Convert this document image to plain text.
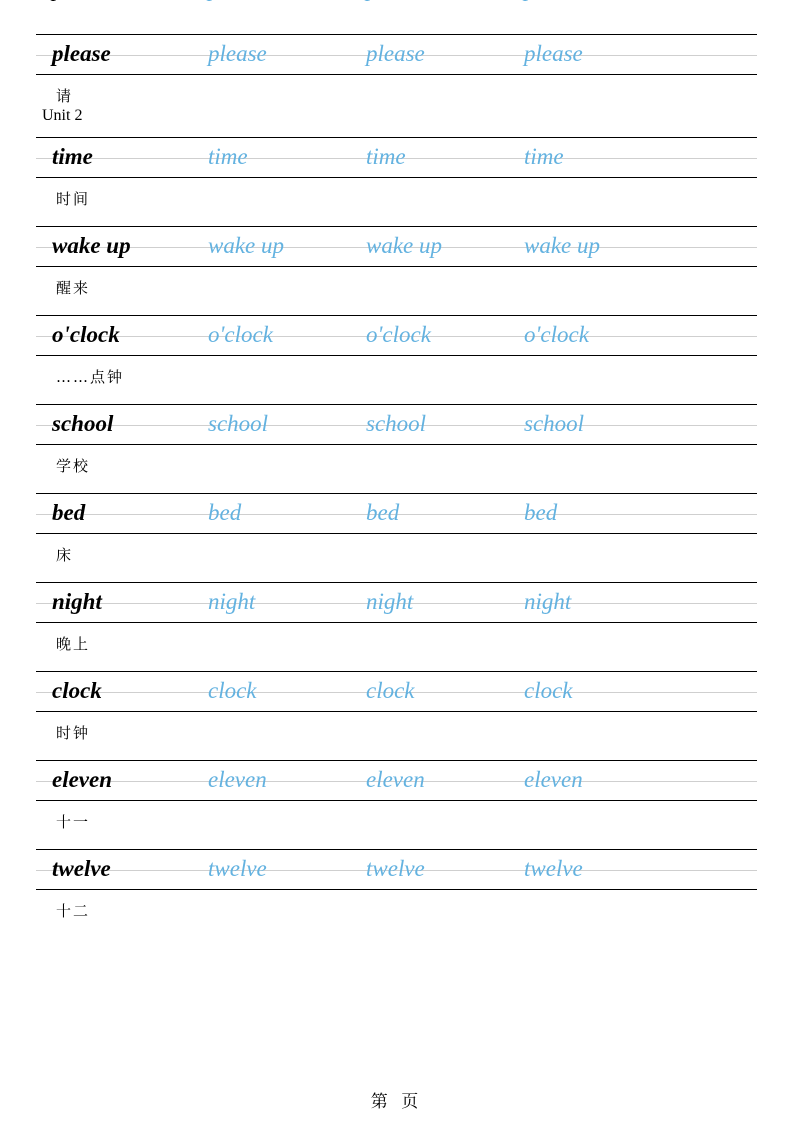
please	please	please	please
请
Unit 2
time	time	time	time
时间
wake up	wake up	wake up	wake up
醒来
o'clock	o'clock	o'clock	o'clock
……点钟
school	school	school	school
学校
bed	bed	bed	bed
床
night	night	night	night
晚上
clock	clock	clock	clock
时钟
eleven	eleven	eleven	eleven
十一
twelve	twelve	twelve	twelve
十二
第 页
